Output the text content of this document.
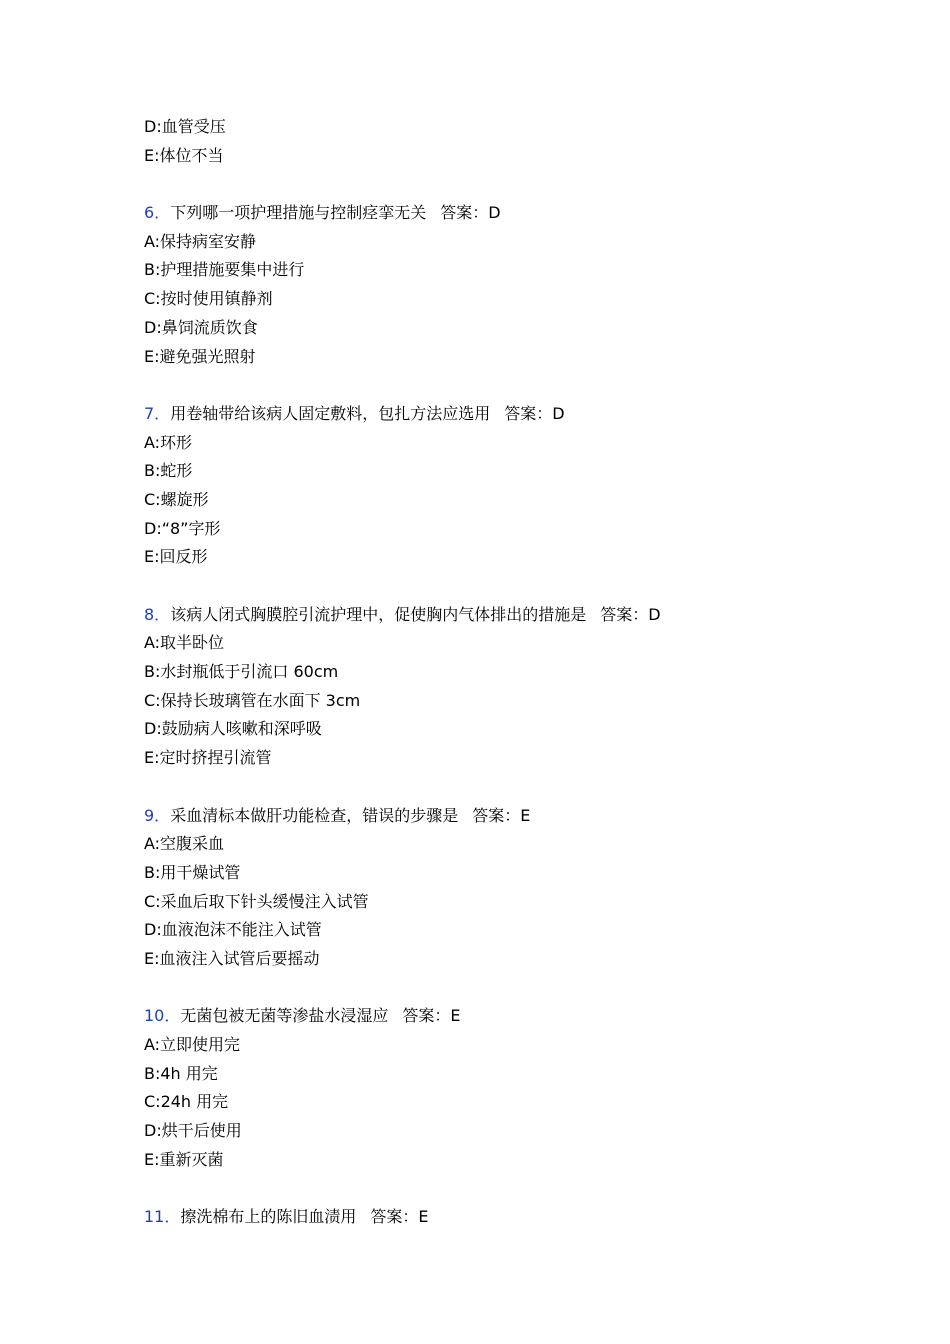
D:血管受压
E:体位不当
6．下列哪一项护理措施与控制痉挛无关 答案：D
A:保持病室安静
B:护理措施要集中进行
C:按时使用镇静剂
D:鼻饲流质饮食
E:避免强光照射
7．用卷轴带给该病人固定敷料，包扎方法应选用 答案：D
A:环形
B:蛇形
C:螺旋形
D:“8”字形
E:回反形
8．该病人闭式胸膜腔引流护理中，促使胸内气体排出的措施是 答案：D
A:取半卧位
B:水封瓶低于引流口 60cm
C:保持长玻璃管在水面下 3cm
D:鼓励病人咳嗽和深呼吸
E:定时挤捏引流管
9．采血清标本做肝功能检查，错误的步骤是 答案：E
A:空腹采血
B:用干燥试管
C:采血后取下针头缓慢注入试管
D:血液泡沫不能注入试管
E:血液注入试管后要摇动
10．无菌包被无菌等渗盐水浸湿应 答案：E
A:立即使用完
B:4h 用完
C:24h 用完
D:烘干后使用
E:重新灭菌
11．擦洗棉布上的陈旧血渍用 答案：E
